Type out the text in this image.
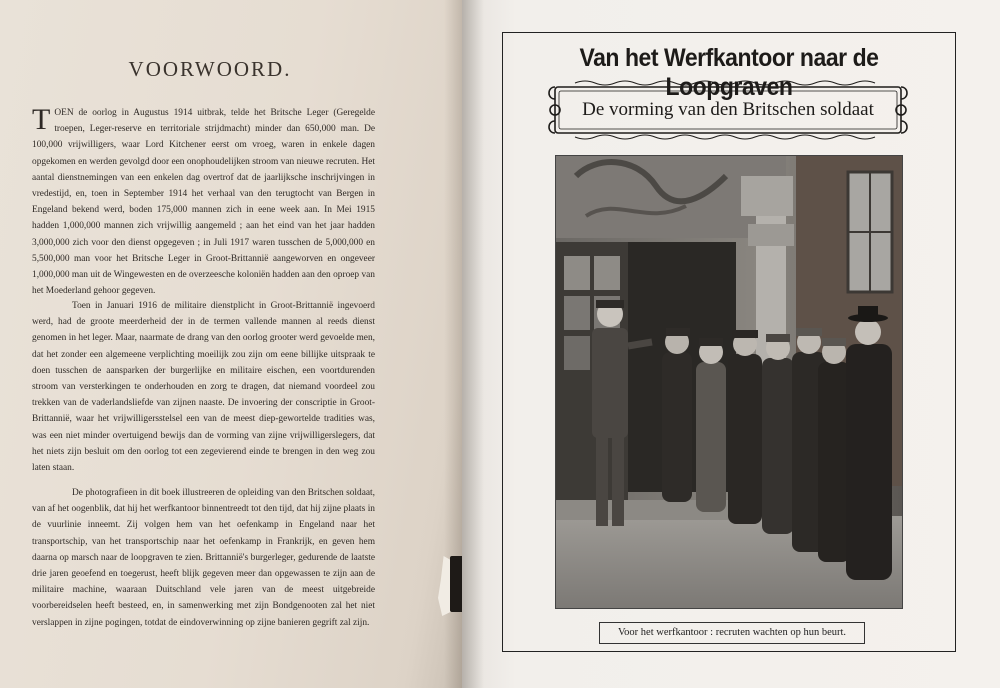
VOORWOORD.

TOEN de oorlog in Augustus 1914 uitbrak, telde het Britsche Leger (Geregelde troepen, Leger-reserve en territoriale strijdmacht) minder dan 650,000 man. De 100,000 vrijwilligers, waar Lord Kitchener eerst om vroeg, waren in enkele dagen opgekomen en werden gevolgd door een onophoudelijken stroom van nieuwe recruten. Het aantal dienstnemingen van een enkelen dag overtrof dat de jaarlijksche inschrijvingen in vredestijd, en, toen in September 1914 het verhaal van den terugtocht van Bergen in Engeland bekend werd, boden 175,000 mannen zich in eene week aan. In Mei 1915 hadden 1,000,000 mannen zich vrijwillig aangemeld ; aan het eind van het jaar hadden 3,000,000 zich voor den dienst opgegeven ; in Juli 1917 waren tusschen de 5,000,000 en 5,500,000 man voor het Britsche Leger in Groot-Brittannië aangeworven en ongeveer 1,000,000 man uit de Wingewesten en de overzeesche koloniën hadden aan den oproep van het Moederland gehoor gegeven.

Toen in Januari 1916 de militaire dienstplicht in Groot-Brittannië ingevoerd werd, had de groote meerderheid der in de termen vallende mannen al reeds dienst genomen in het leger. Maar, naarmate de drang van den oorlog grooter werd gevoelde men, dat het zonder een algemeene verplichting moeilijk zou zijn om eene billijke uitspraak te doen tusschen de aansparken der burgerlijke en militaire eischen, een voortdurenden stroom van versterkingen te onderhouden en zorg te dragen, dat niemand voordeel zou trekken van de vaderlandsliefde van zijnen naaste. De invoering der conscriptie in Groot-Brittannië, waar het vrijwilligersstelsel een van de meest diep-gewortelde tradities was, was een niet minder overtuigend bewijs dan de vorming van zijne vrijwilligerslegers, dat het niets zijn besluit om den oorlog tot een zegevierend einde te brengen in den weg zou laten staan.

De photografieen in dit boek illustreeren de opleiding van den Britschen soldaat, van af het oogenblik, dat hij het werfkantoor binnentreedt tot den tijd, dat hij zijne plaats in de vuurlinie inneemt. Zij volgen hem van het oefenkamp in Engeland naar het transportschip, van het transportschip naar het oefenkamp in Frankrijk, en geven hem daarna op marsch naar de loopgraven te zien. Brittannië's burgerleger, gedurende de laatste drie jaren geoefend en toegerust, heeft blijk gegeven meer dan opgewassen te zijn aan de militaire machine, waaraan Duitschland vele jaren van de meest uitgebreide voorbereidselen heeft besteed, en, in samenwerking met zijn Bondgenooten zal het niet verslappen in zijne pogingen, totdat de eindoverwinning op zijne banieren gegrift zal zijn.

Van het Werfkantoor naar de Loopgraven
De vorming van den Britschen soldaat
Voor het werfkantoor : recruten wachten op hun beurt.
